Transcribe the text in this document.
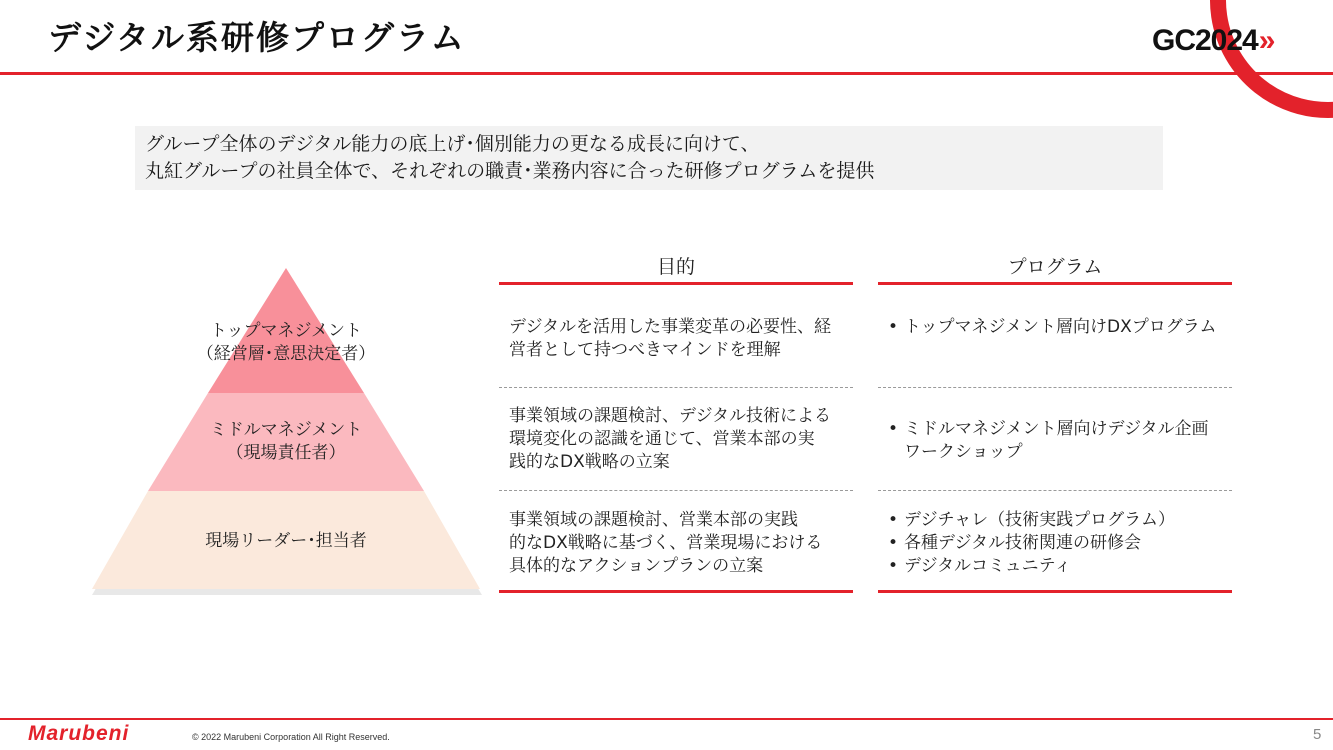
デジタル系研修プログラム	GC2024»
グループ全体のデジタル能力の底上げ･個別能力の更なる成長に向けて、
丸紅グループの社員全体で、それぞれの職責･業務内容に合った研修プログラムを提供
トップマネジメント
（経営層･意思決定者）
ミドルマネジメント
（現場責任者）
現場リーダー･担当者
目的	プログラム
デジタルを活用した事業変革の必要性、経
営者として持つべきマインドを理解
• トップマネジメント層向けDXプログラム
事業領域の課題検討、デジタル技術による
環境変化の認識を通じて、営業本部の実
践的なDX戦略の立案
• ミドルマネジメント層向けデジタル企画
ワークショップ
事業領域の課題検討、営業本部の実践
的なDX戦略に基づく、営業現場における
具体的なアクションプランの立案
• デジチャレ（技術実践プログラム）
• 各種デジタル技術関連の研修会
• デジタルコミュニティ
Marubeni	© 2022 Marubeni Corporation All Right Reserved.	5
